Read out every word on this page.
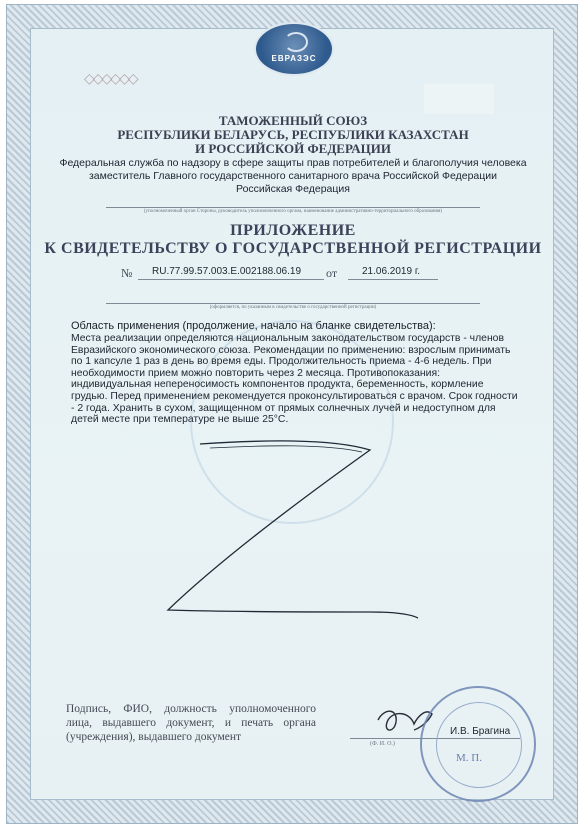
ЕВРАЗЭС
◇◇◇◇◇◇
ТАМОЖЕННЫЙ СОЮЗ
РЕСПУБЛИКИ БЕЛАРУСЬ, РЕСПУБЛИКИ КАЗАХСТАН
И РОССИЙСКОЙ ФЕДЕРАЦИИ
Федеральная служба по надзору в сфере защиты прав потребителей и благополучия человека
заместитель Главного государственного санитарного врача Российской Федерации
Российская Федерация
(уполномоченный орган Стороны, руководитель уполномоченного органа, наименование административно-территориального образования)
ПРИЛОЖЕНИЕ
К СВИДЕТЕЛЬСТВУ О ГОСУДАРСТВЕННОЙ РЕГИСТРАЦИИ
№ RU.77.99.57.003.E.002188.06.19 от 21.06.2019 г.
(оформляется, по указанным в свидетельстве о государственной регистрации)
Область применения (продолжение, начало на бланке свидетельства):
Места реализации определяются национальным законодательством государств - членов Евразийского экономического союза. Рекомендации по применению: взрослым принимать по 1 капсуле 1 раз в день во время еды. Продолжительность приема - 4-6 недель. При необходимости прием можно повторить через 2 месяца. Противопоказания: индивидуальная непереносимость компонентов продукта, беременность, кормление грудью. Перед применением рекомендуется проконсультироваться с врачом. Срок годности - 2 года. Хранить в сухом, защищенном от прямых солнечных лучей и недоступном для детей месте при температуре не выше 25°С.
Подпись, ФИО, должность уполномоченного лица, выдавшего документ, и печать органа (учреждения), выдавшего документ	И.В. Брагина
(Ф. И. О.)
М. П.
